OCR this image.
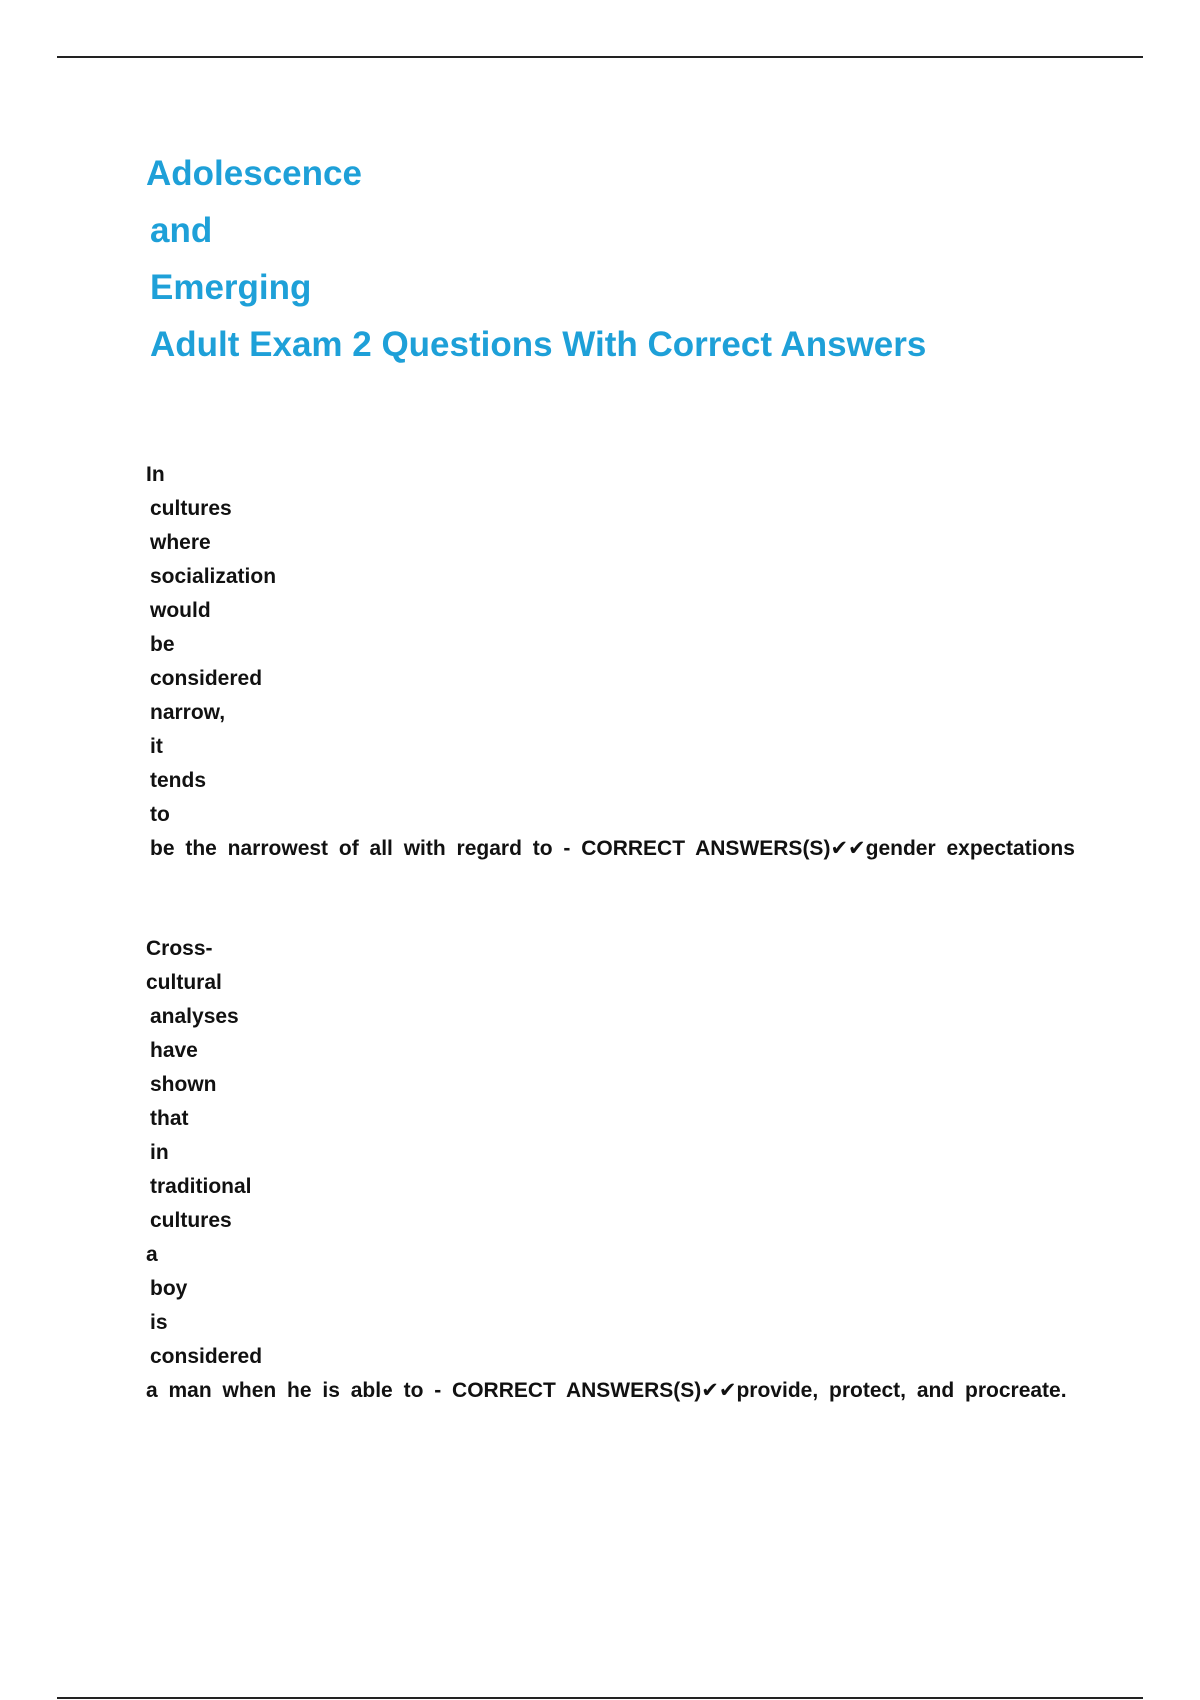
Adolescence
and
Emerging
Adult Exam 2 Questions With Correct Answers
In
cultures
where
socialization
would
be
considered
narrow,
it
tends
to
be the narrowest of all with regard to - CORRECT ANSWERS(S) ✔✔ gender expectations
Cross-
cultural
analyses
have
shown
that
in
traditional
cultures
a
boy
is
considered
a man when he is able to - CORRECT ANSWERS(S) ✔✔ provide, protect, and procreate.
